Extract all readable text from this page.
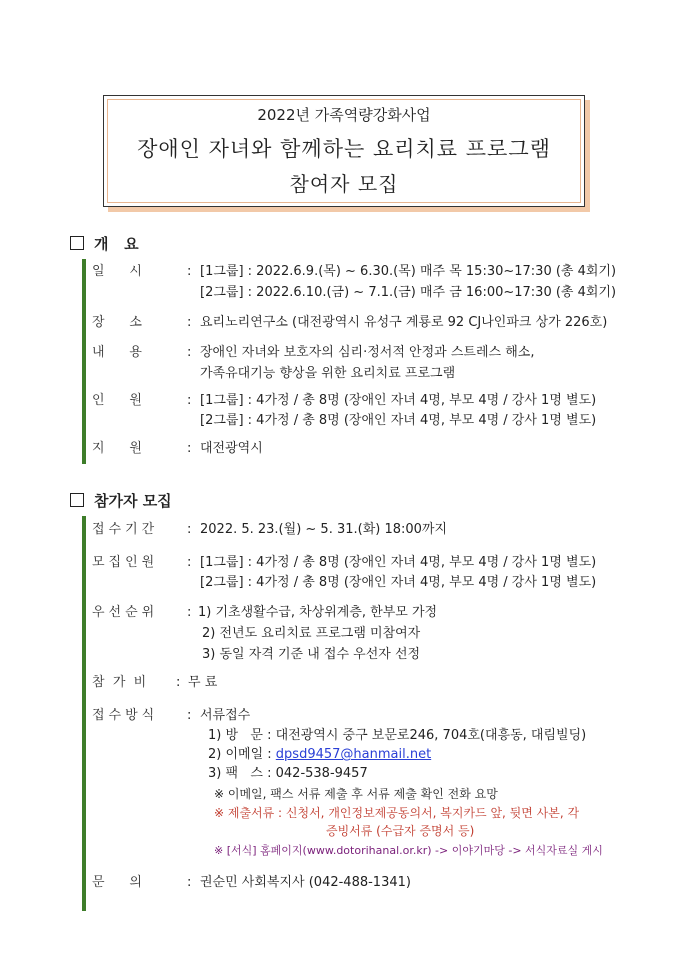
2022년 가족역량강화사업
장애인 자녀와 함께하는 요리치료 프로그램
참여자 모집
개   요
일      시	: [1그룹] : 2022.6.9.(목) ~ 6.30.(목) 매주 목 15:30~17:30 (총 4회기)
[2그룹] : 2022.6.10.(금) ~ 7.1.(금) 매주 금 16:00~17:30 (총 4회기)
장      소	: 요리노리연구소 (대전광역시 유성구 계룡로 92 CJ나인파크 상가 226호)
내      용	: 장애인 자녀와 보호자의 심리·정서적 안정과 스트레스 해소,
가족유대기능 향상을 위한 요리치료 프로그램
인      원	: [1그룹] : 4가정 / 총 8명 (장애인 자녀 4명, 부모 4명 / 강사 1명 별도)
[2그룹] : 4가정 / 총 8명 (장애인 자녀 4명, 부모 4명 / 강사 1명 별도)
지      원	: 대전광역시
참가자 모집
접수기간 : 2022. 5. 23.(월) ~ 5. 31.(화) 18:00까지
모집인원 : [1그룹] : 4가정 / 총 8명 (장애인 자녀 4명, 부모 4명 / 강사 1명 별도)
[2그룹] : 4가정 / 총 8명 (장애인 자녀 4명, 부모 4명 / 강사 1명 별도)
우선순위 : 1) 기초생활수급, 차상위계층, 한부모 가정
2) 전년도 요리치료 프로그램 미참여자
3) 동일 자격 기준 내 접수 우선자 선정
참  가  비 : 무 료
접수방식 : 서류접수
1) 방   문 : 대전광역시 중구 보문로246, 704호(대흥동, 대림빌딩)
2) 이메일 : dpsd9457@hanmail.net
3) 팩   스 : 042-538-9457
※ 이메일, 팩스 서류 제출 후 서류 제출 확인 전화 요망
※ 제출서류 : 신청서, 개인정보제공동의서, 복지카드 앞, 뒷면 사본, 각
증빙서류 (수급자 증명서 등)
※ [서식] 홈페이지(www.dotorihanal.or.kr) -> 이야기마당 -> 서식자료실 게시
문      의	: 권순민 사회복지사 (042-488-1341)
